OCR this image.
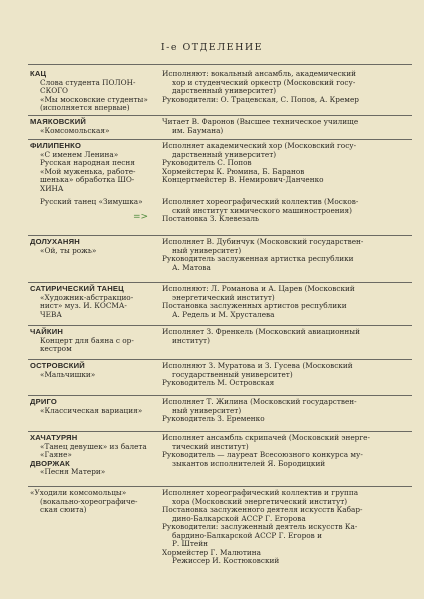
I-е ОТДЕЛЕНИЕ
КАЦ
Слова студента ПОЛОН-
СКОГО
«Мы московские студенты»
(исполняется впервые)
Исполняют: вокальный ансамбль, академический
хор и студенческий оркестр (Московский госу-
дарственный университет)
Руководители: О. Трацевская, С. Попов, А. Кремер
МАЯКОВСКИЙ
«Комсомольская»
Читает В. Фаронов (Высшее техническое училище
им. Баумана)
ФИЛИПЕНКО
«С именем Ленина»
Русская народная песня
«Мой муженька, работе-
шенька» обработка ШО-
ХИНА
Исполняет академический хор (Московский госу-
дарственный университет)
Руководитель С. Попов
Хормейстеры К. Рюмина, Б. Баранов
Концертмейстер В. Немирович-Данченко
Русский танец «Зимушка»
=>
Исполняет хореографический коллектив (Москов-
ский институт химического машиностроения)
Постановка З. Клевезаль
ДОЛУХАНЯН
«Ой, ты рожь»
Исполняет В. Дубинчук (Московский государствен-
ный университет)
Руководитель заслуженная артистка республики
А. Матова
САТИРИЧЕСКИЙ ТАНЕЦ
«Художник-абстракцио-
нист» муз. И. КОСМА-
ЧЕВА
Исполняют: Л. Романова и А. Царев (Московский
энергетический институт)
Постановка заслуженных артистов республики
А. Редель и М. Хрусталева
ЧАЙКИН
Концерт для баяна с ор-
кестром
Исполняет З. Френкель (Московский авиационный
институт)
ОСТРОВСКИЙ
«Мальчишки»
Исполняют З. Муратова и З. Гусева (Московский
государственный университет)
Руководитель М. Островская
ДРИГО
«Классическая вариация»
Исполняет Т. Жилина (Московский государствен-
ный университет)
Руководитель З. Еременко
ХАЧАТУРЯН
«Танец девушек» из балета
«Гаяне»
ДВОРЖАК
«Песня Матери»
Исполняет ансамбль скрипачей (Московский энерге-
тический институт)
Руководитель — лауреат Всесоюзного конкурса му-
зыкантов исполнителей Я. Бородицкий
«Уходили комсомольцы»
(вокально-хореографиче-
ская сюита)
Исполняет хореографический коллектив и группа
хора (Московский энергетический институт)
Постановка заслуженного деятеля искусств Кабар-
дино-Балкарской АССР Г. Егорова
Руководители: заслуженный деятель искусств Ка-
бардино-Балкарской АССР Г. Егоров и
Р. Штейн
Хормейстер Г. Малютина
Режиссер И. Костюковский
